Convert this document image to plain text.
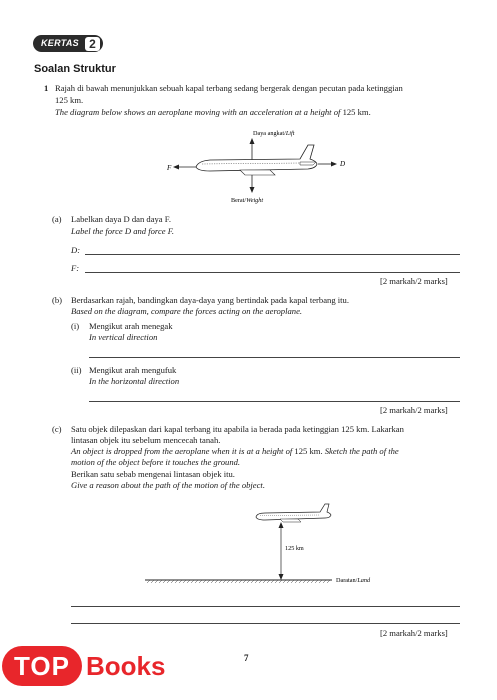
KERTAS 2
Soalan Struktur
1 Rajah di bawah menunjukkan sebuah kapal terbang sedang bergerak dengan pecutan pada ketinggian
125 km.
The diagram below shows an aeroplane moving with an acceleration at a height of 125 km.
Daya angkat/Lift
Berat/Weight
F	D
(a) Labelkan daya D dan daya F.
Label the force D and force F.
D:
F:
[2 markah/2 marks]
(b) Berdasarkan rajah, bandingkan daya-daya yang bertindak pada kapal terbang itu.
Based on the diagram, compare the forces acting on the aeroplane.
(i) Mengikut arah menegak
In vertical direction
(ii) Mengikut arah mengufuk
In the horizontal direction
[2 markah/2 marks]
(c) Satu objek dilepaskan dari kapal terbang itu apabila ia berada pada ketinggian 125 km. Lakarkan
lintasan objek itu sebelum mencecah tanah.
An object is dropped from the aeroplane when it is at a height of 125 km. Sketch the path of the
motion of the object before it touches the ground.
Berikan satu sebab mengenai lintasan objek itu.
Give a reason about the path of the motion of the object.
125 km
Daratan/Land
[2 markah/2 marks]
7
TOP Books
